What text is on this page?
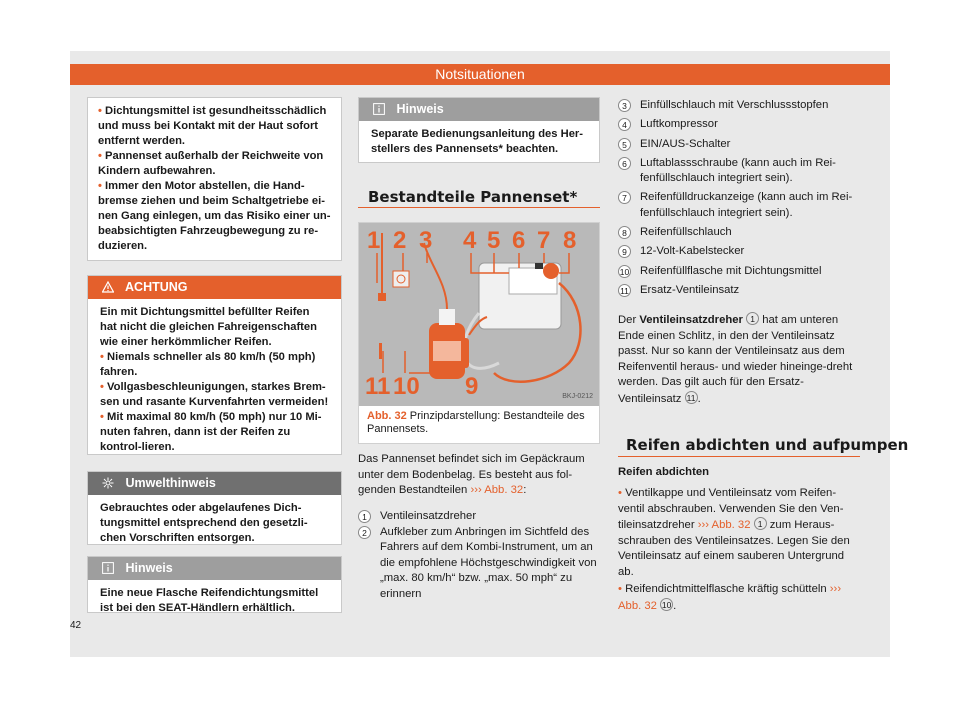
Notsituationen

• Dichtungsmittel ist gesundheitsschädlich und muss bei Kontakt mit der Haut sofort entfernt werden.

• Pannenset außerhalb der Reichweite von Kindern aufbewahren.

• Immer den Motor abstellen, die Hand-bremse ziehen und beim Schaltgetriebe ei-nen Gang einlegen, um das Risiko einer un-beabsichtigten Fahrzeugbewegung zu re-duzieren.

ACHTUNG

Ein mit Dichtungsmittel befüllter Reifen hat nicht die gleichen Fahreigenschaften wie einer herkömmlicher Reifen.

• Niemals schneller als 80 km/h (50 mph) fahren.

• Vollgasbeschleunigungen, starkes Brem-sen und rasante Kurvenfahrten vermeiden!

• Mit maximal 80 km/h (50 mph) nur 10 Mi-nuten fahren, dann ist der Reifen zu kontrol-lieren.

Umwelthinweis
Gebrauchtes oder abgelaufenes Dich-tungsmittel entsprechend den gesetzli-chen Vorschriften entsorgen.
Hinweis
Eine neue Flasche Reifendichtungsmittel ist bei den SEAT-Händlern erhältlich.
Hinweis
Separate Bedienungsanleitung des Her-stellers des Pannensets* beachten.
Bestandteile Pannenset*
1 2 3 4 5 6 7 8
9
10
11	BKJ-0212
Abb. 32 Prinzipdarstellung: Bestandteile des Pannensets.
Das Pannenset befindet sich im Gepäckraum unter dem Bodenbelag. Es besteht aus fol-genden Bestandteilen ››› Abb. 32:
1	Ventileinsatzdreher
2	Aufkleber zum Anbringen im Sichtfeld des Fahrers auf dem Kombi-Instrument, um an die empfohlene Höchstgeschwindigkeit von „max. 80 km/h“ bzw. „max. 50 mph“ zu erinnern
3	Einfüllschlauch mit Verschlussstopfen
4	Luftkompressor
5	EIN/AUS-Schalter
6	Luftablassschraube (kann auch im Rei-fenfüllschlauch integriert sein).
7	Reifenfülldruckanzeige (kann auch im Rei-fenfüllschlauch integriert sein).
8	Reifenfüllschlauch
9	12-Volt-Kabelstecker
10 Reifenfüllflasche mit Dichtungsmittel
11 Ersatz-Ventileinsatz
Der Ventileinsatzdreher 1 hat am unteren Ende einen Schlitz, in den der Ventileinsatz passt. Nur so kann der Ventileinsatz aus dem Reifenventil heraus- und wieder hineinge-dreht werden. Das gilt auch für den Ersatz-Ventileinsatz 11 .
Reifen abdichten und aufpumpen
Reifen abdichten
• Ventilkappe und Ventileinsatz vom Reifen-ventil abschrauben. Verwenden Sie den Ven-tileinsatzdreher ››› Abb. 32 1 zum Heraus-schrauben des Ventileinsatzes. Legen Sie den Ventileinsatz auf einem sauberen Untergrund ab.
• Reifendichtmittelflasche kräftig schütteln ››› Abb. 32 10 .
42
